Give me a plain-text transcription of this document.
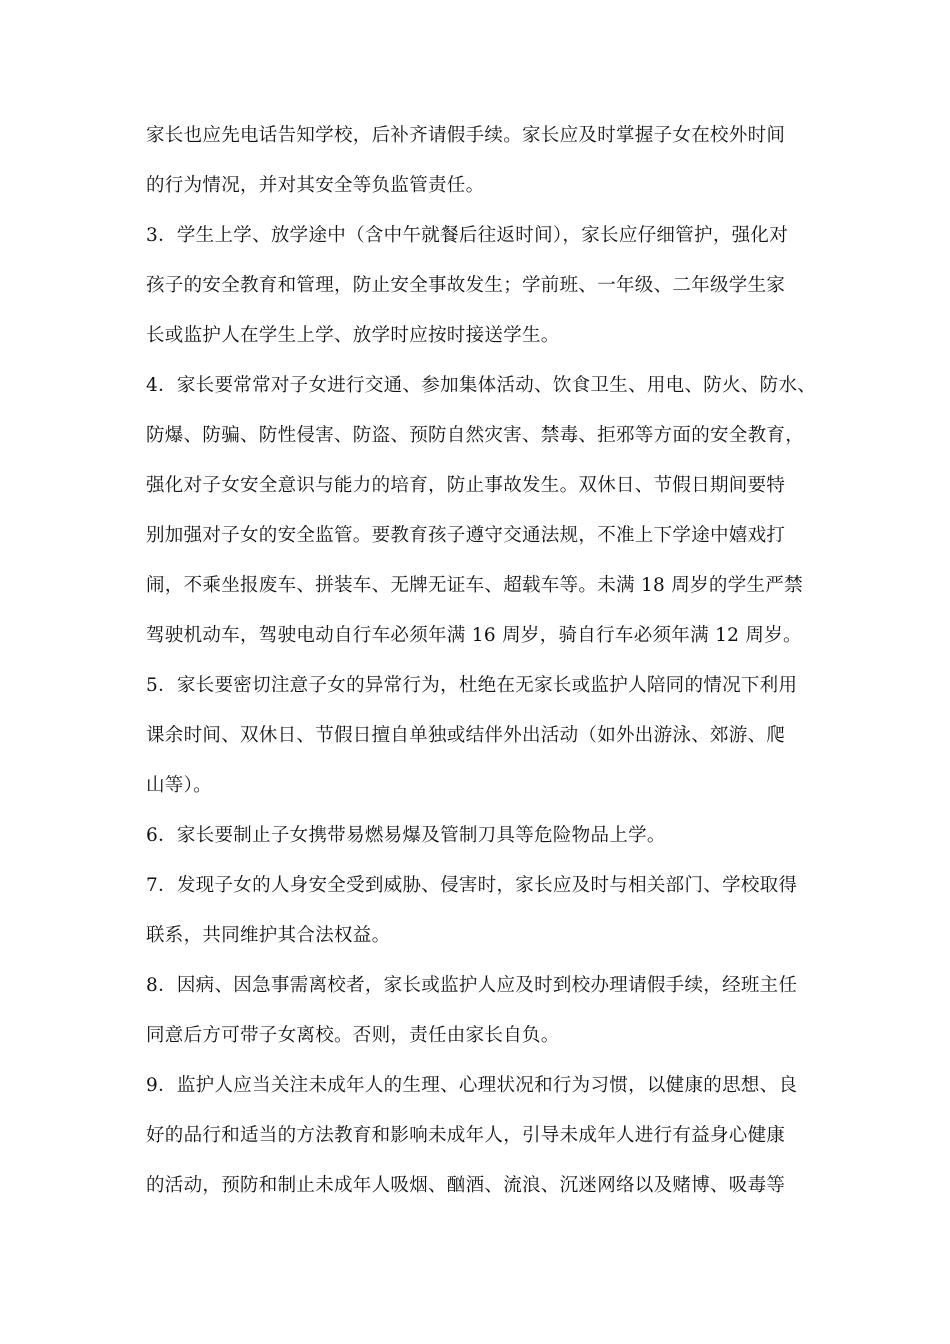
家长也应先电话告知学校，后补齐请假手续。家长应及时掌握子女在校外时间
的行为情况，并对其安全等负监管责任。
3．学生上学、放学途中（含中午就餐后往返时间），家长应仔细管护，强化对
孩子的安全教育和管理，防止安全事故发生；学前班、一年级、二年级学生家
长或监护人在学生上学、放学时应按时接送学生。
4．家长要常常对子女进行交通、参加集体活动、饮食卫生、用电、防火、防水、
防爆、防骗、防性侵害、防盗、预防自然灾害、禁毒、拒邪等方面的安全教育，
强化对子女安全意识与能力的培育，防止事故发生。双休日、节假日期间要特
别加强对子女的安全监管。要教育孩子遵守交通法规，不准上下学途中嬉戏打
闹，不乘坐报废车、拼装车、无牌无证车、超载车等。未满 18 周岁的学生严禁
驾驶机动车，驾驶电动自行车必须年满 16 周岁，骑自行车必须年满 12 周岁。
5．家长要密切注意子女的异常行为，杜绝在无家长或监护人陪同的情况下利用
课余时间、双休日、节假日擅自单独或结伴外出活动（如外出游泳、郊游、爬
山等）。
6．家长要制止子女携带易燃易爆及管制刀具等危险物品上学。
7．发现子女的人身安全受到威胁、侵害时，家长应及时与相关部门、学校取得
联系，共同维护其合法权益。
8．因病、因急事需离校者，家长或监护人应及时到校办理请假手续，经班主任
同意后方可带子女离校。否则，责任由家长自负。
9．监护人应当关注未成年人的生理、心理状况和行为习惯，以健康的思想、良
好的品行和适当的方法教育和影响未成年人，引导未成年人进行有益身心健康
的活动，预防和制止未成年人吸烟、酗酒、流浪、沉迷网络以及赌博、吸毒等
